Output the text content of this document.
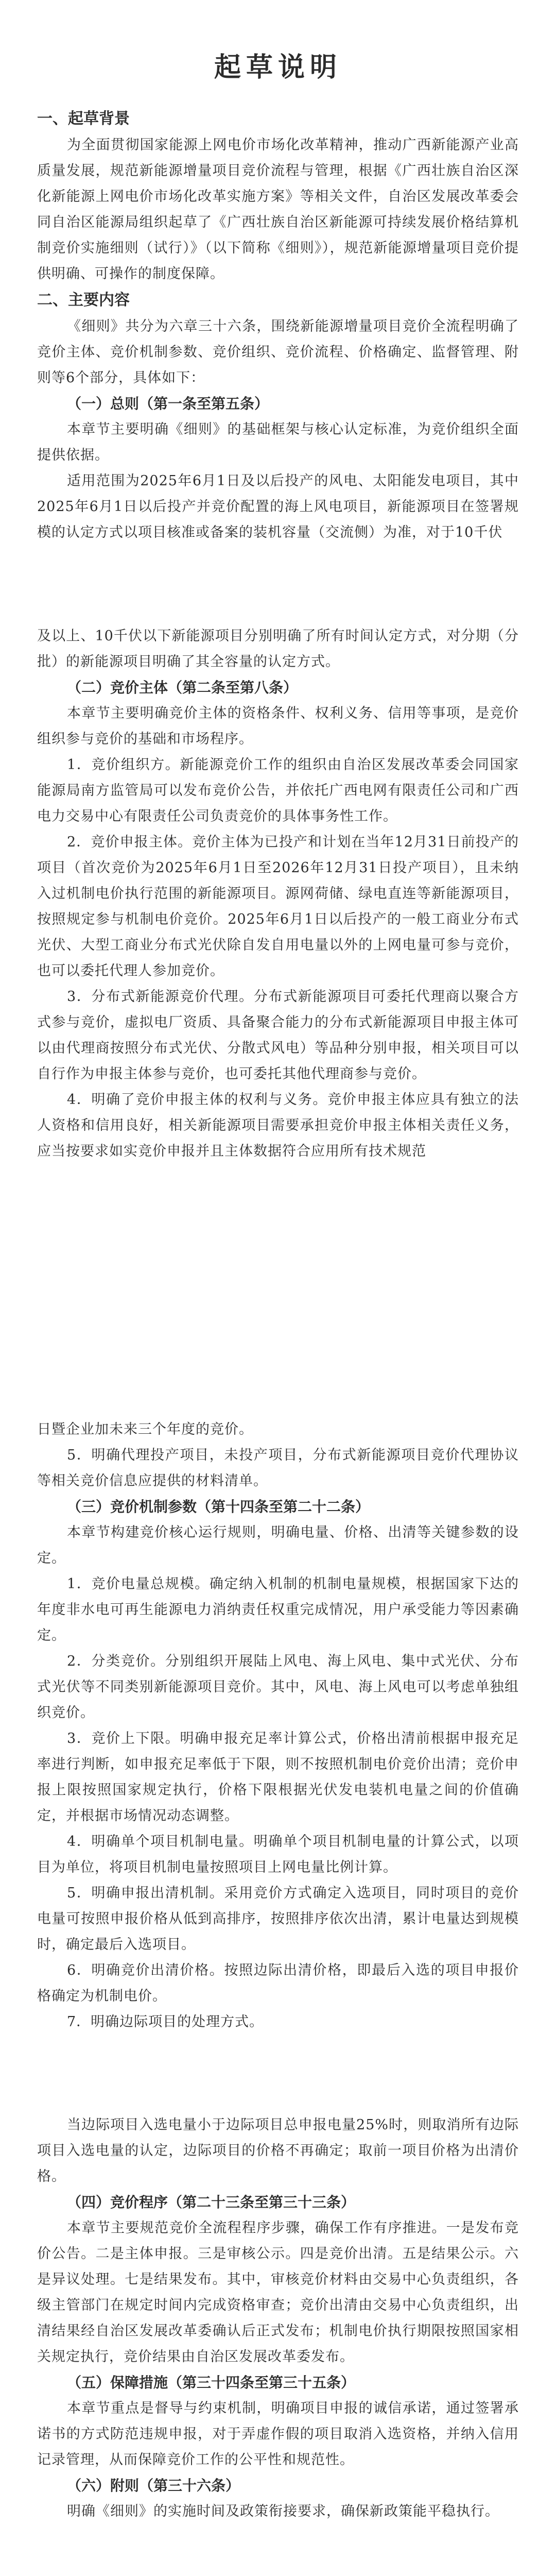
起草说明

一、起草背景

为全面贯彻国家能源上网电价市场化改革精神，推动广西新能源产业高质量发展，规范新能源增量项目竞价流程与管理，根据《广西壮族自治区深化新能源上网电价市场化改革实施方案》等相关文件，自治区发展改革委会同自治区能源局组织起草了《广西壮族自治区新能源可持续发展价格结算机制竞价实施细则（试行）》（以下简称《细则》），规范新能源增量项目竞价提供明确、可操作的制度保障。

二、主要内容

《细则》共分为六章三十六条，围绕新能源增量项目竞价全流程明确了竞价主体、竞价机制参数、竞价组织、竞价流程、价格确定、监督管理、附则等6个部分，具体如下：

（一）总则（第一条至第五条）

本章节主要明确《细则》的基础框架与核心认定标准，为竞价组织全面提供依据。

适用范围为2025年6月1日及以后投产的风电、太阳能发电项目，其中2025年6月1日以后投产并竞价配置的海上风电项目，新能源项目在签署规模的认定方式以项目核准或备案的装机容量（交流侧）为准，对于10千伏

及以上、10千伏以下新能源项目分别明确了所有时间认定方式，对分期（分批）的新能源项目明确了其全容量的认定方式。

（二）竞价主体（第二条至第八条）

本章节主要明确竞价主体的资格条件、权利义务、信用等事项，是竞价组织参与竞价的基础和市场程序。

1．竞价组织方。新能源竞价工作的组织由自治区发展改革委会同国家能源局南方监管局可以发布竞价公告，并依托广西电网有限责任公司和广西电力交易中心有限责任公司负责竞价的具体事务性工作。

2．竞价申报主体。竞价主体为已投产和计划在当年12月31日前投产的项目（首次竞价为2025年6月1日至2026年12月31日投产项目），且未纳入过机制电价执行范围的新能源项目。源网荷储、绿电直连等新能源项目，按照规定参与机制电价竞价。2025年6月1日以后投产的一般工商业分布式光伏、大型工商业分布式光伏除自发自用电量以外的上网电量可参与竞价，也可以委托代理人参加竞价。

3．分布式新能源竞价代理。分布式新能源项目可委托代理商以聚合方式参与竞价，虚拟电厂资质、具备聚合能力的分布式新能源项目申报主体可以由代理商按照分布式光伏、分散式风电）等品种分别申报，相关项目可以自行作为申报主体参与竞价，也可委托其他代理商参与竞价。

4．明确了竞价申报主体的权利与义务。竞价申报主体应具有独立的法人资格和信用良好，相关新能源项目需要承担竞价申报主体相关责任义务，应当按要求如实竞价申报并且主体数据符合应用所有技术规范

日暨企业加未来三个年度的竞价。

5．明确代理投产项目，未投产项目，分布式新能源项目竞价代理协议等相关竞价信息应提供的材料清单。

（三）竞价机制参数（第十四条至第二十二条）

本章节构建竞价核心运行规则，明确电量、价格、出清等关键参数的设定。

1．竞价电量总规模。确定纳入机制的机制电量规模，根据国家下达的年度非水电可再生能源电力消纳责任权重完成情况，用户承受能力等因素确定。

2．分类竞价。分别组织开展陆上风电、海上风电、集中式光伏、分布式光伏等不同类别新能源项目竞价。其中，风电、海上风电可以考虑单独组织竞价。

3．竞价上下限。明确申报充足率计算公式，价格出清前根据申报充足率进行判断，如申报充足率低于下限，则不按照机制电价竞价出清；竞价申报上限按照国家规定执行，价格下限根据光伏发电装机电量之间的价值确定，并根据市场情况动态调整。

4．明确单个项目机制电量。明确单个项目机制电量的计算公式，以项目为单位，将项目机制电量按照项目上网电量比例计算。

5．明确申报出清机制。采用竞价方式确定入选项目，同时项目的竞价电量可按照申报价格从低到高排序，按照排序依次出清，累计电量达到规模时，确定最后入选项目。

6．明确竞价出清价格。按照边际出清价格，即最后入选的项目申报价格确定为机制电价。

7．明确边际项目的处理方式。

当边际项目入选电量小于边际项目总申报电量25%时，则取消所有边际项目入选电量的认定，边际项目的价格不再确定；取前一项目价格为出清价格。

（四）竞价程序（第二十三条至第三十三条）

本章节主要规范竞价全流程程序步骤，确保工作有序推进。一是发布竞价公告。二是主体申报。三是审核公示。四是竞价出清。五是结果公示。六是异议处理。七是结果发布。其中，审核竞价材料由交易中心负责组织，各级主管部门在规定时间内完成资格审查；竞价出清由交易中心负责组织，出清结果经自治区发展改革委确认后正式发布；机制电价执行期限按照国家相关规定执行，竞价结果由自治区发展改革委发布。

（五）保障措施（第三十四条至第三十五条）

本章节重点是督导与约束机制，明确项目申报的诚信承诺，通过签署承诺书的方式防范违规申报，对于弄虚作假的项目取消入选资格，并纳入信用记录管理，从而保障竞价工作的公平性和规范性。

（六）附则（第三十六条）

明确《细则》的实施时间及政策衔接要求，确保新政策能平稳执行。
